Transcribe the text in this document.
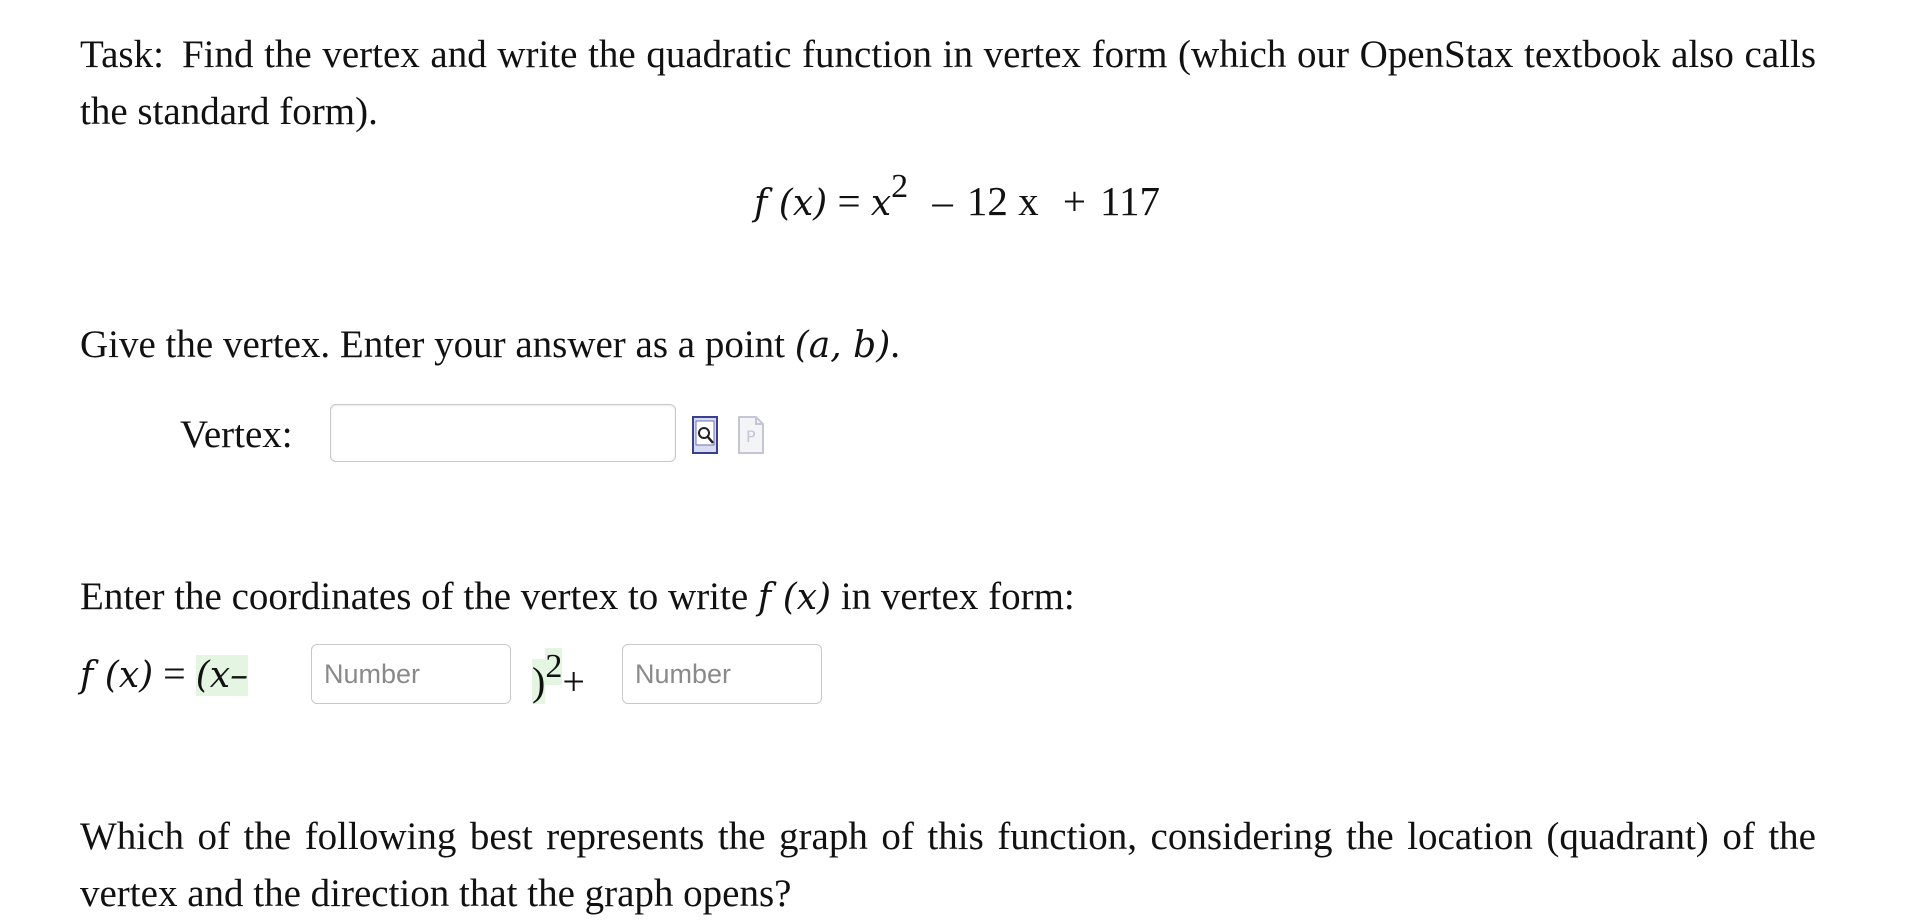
Task: Find the vertex and write the quadratic function in vertex form (which our OpenStax textbook also calls the standard form).

f $(x) = x^2 - 12$ x + 117

Give the vertex. Enter your answer as a point (a, b).

Vertex:	P

Enter the coordinates of the vertex to write f (x) in vertex form:

f (x) = (x–
Number	)$^2$+
Number

Which of the following best represents the graph of this function, considering the location (quadrant) of the vertex and the direction that the graph opens?
